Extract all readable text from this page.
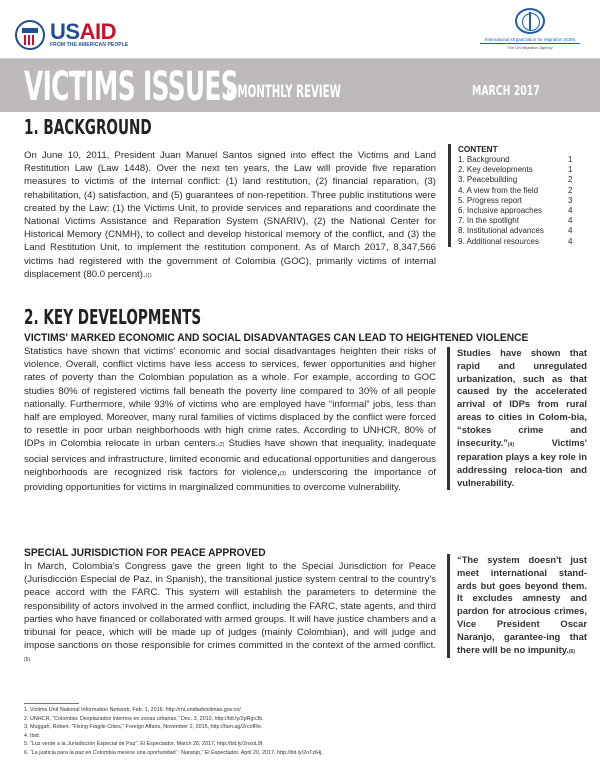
USAID
FROM THE AMERICAN PEOPLE
International Organization for Migration (IOM)
The UN Migration Agency
VICTIMS ISSUES
A MONTHLY REVIEW	MARCH 2017
1. BACKGROUND

On June 10, 2011, President Juan Manuel Santos signed into effect the Victims and Land Restitution Law (Law 1448). Over the next ten years, the Law will provide five reparation measures to victims of the internal conflict: (1) land restitution, (2) financial reparation, (3) rehabilitation, (4) satisfaction, and (5) guarantees of non-repetition. Three public institutions were created by the Law: (1) the Victims Unit, to provide services and reparations and coordinate the National Victims Assistance and Reparation System (SNARIV), (2) the National Center for Historical Memory (CNMH), to collect and develop historical memory of the conflict, and (3) the Land Restitution Unit, to implement the restitution component. As of March 2017, 8,347,566 victims had registered with the government of Colombia (GOC), primarily victims of internal displacement (80.0 percent).(1)

CONTENT
1. Background	1
2. Key developments	1
3. Peacebuilding	2
4. A view from the field	2
5. Progress report	3
6. Inclusive approaches	4
7. In the spotlight	4
8. Institutional advances	4
9. Additional resources	4
2. KEY DEVELOPMENTS
VICTIMS' MARKED ECONOMIC AND SOCIAL DISADVANTAGES CAN LEAD TO HEIGHTENED VIOLENCE

Statistics have shown that victims' economic and social disadvantages heighten their risks of violence. Overall, conflict victims have less access to services, fewer opportunities and higher rates of poverty than the Colombian population as a whole. For example, according to GOC studies 80% of registered victims fall beneath the poverty line compared to 30% of all people nationally. Furthermore, while 93% of victims who are employed have “informal” jobs, less than half are employed. Moreover, many rural families of victims displaced by the conflict were forced to resettle in poor urban neighborhoods with high crime rates. According to UNHCR, 80% of IDPs in Colombia relocate in urban centers.(2) Studies have shown that inequality, inadequate social services and infrastructure, limited economic and educational opportunities and dangerous neighborhoods are recognized risk factors for violence,(3) underscoring the importance of providing opportunities for victims in marginalized communities to overcome vulnerability.

Studies have shown that rapid and unregulated urbanization, such as that caused by the accelerated arrival of IDPs from rural areas to cities in Colom-bia, “stokes crime and insecurity.”(4) Victims' reparation plays a key role in addressing reloca-tion and vulnerability.
SPECIAL JURISDICTION FOR PEACE APPROVED

In March, Colombia's Congress gave the green light to the Special Jurisdiction for Peace (Jurisdicción Especial de Paz, in Spanish), the transitional justice system central to the country's peace accord with the FARC. This system will establish the parameters to determine the responsibility of actors involved in the armed conflict, including the FARC, state agents, and third parties who have financed or collaborated with armed groups. It will have justice chambers and a tribunal for peace, which will be made up of judges (mainly Colombian), and will judge and impose sanctions on those responsible for crimes committed in the context of the armed conflict.(5)

“The system doesn't just meet international stand-ards but goes beyond them. It excludes amnesty and pardon for atrocious crimes, Vice President Oscar Naranjo, garantee-ing that there will be no impunity.(6)
1. Victims Unit National Information Network, Feb. 1, 2016. http://rni.unidadvictimas.gov.co/.
2. UNHCR, “Colombia: Desplazados internos en zonas urbanas,” Dec. 3, 2010, http://bit.ly/2pRgv3b.
3. Muggah, Robert. “Fixing Fragile Cities,” Foreign Affairs, November 2, 2015, http://fam.ag/2rcofRe.
4. Ibid.
5. “Luz verde a la Jurisdicción Especial de Paz”, El Espectador, March 28, 2017, http://bit.ly/2nsoL9f.
6. “La justicia para la paz en Colombia merece una oportunidad’ : Naranjo,” El Espectador, April 20, 2017, http://bit.ly/2oTzlHj.
